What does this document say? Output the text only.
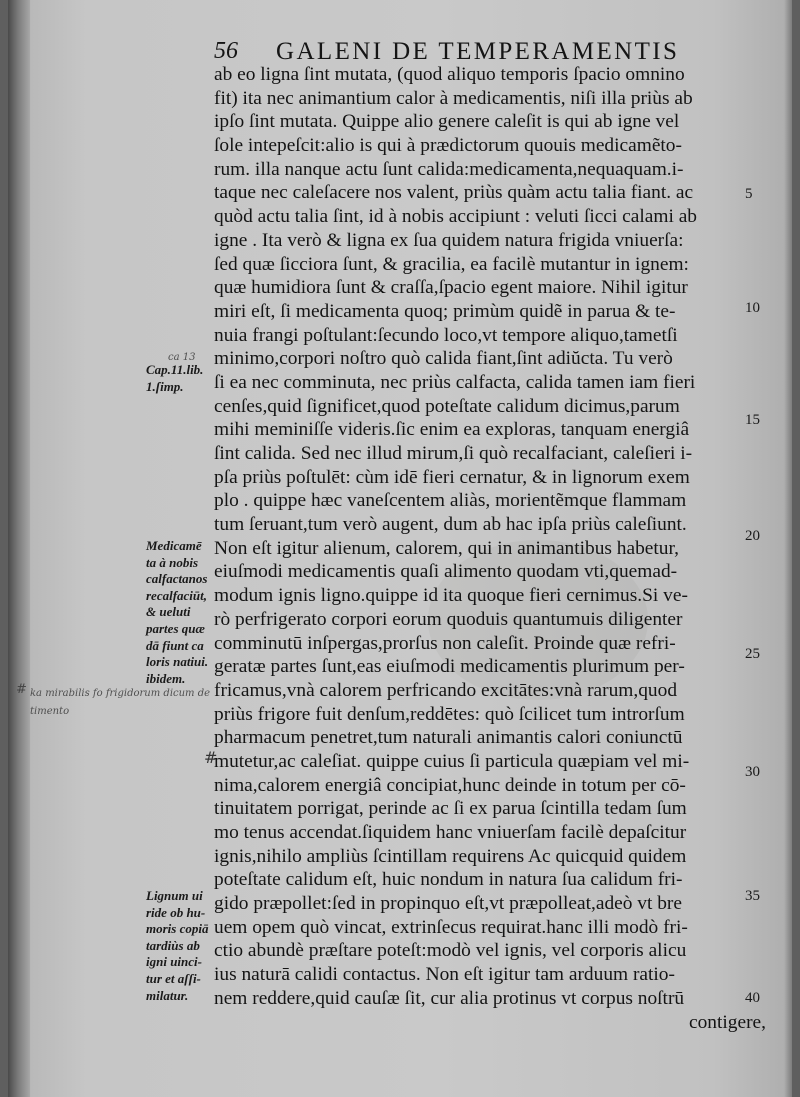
56 GALENI DE TEMPERAMENTIS
ab eo ligna ſint mutata, (quod aliquo temporis ſpacio omnino
fit) ita nec animantium calor à medicamentis, niſi illa priùs ab
ipſo ſint mutata. Quippe alio genere caleſit is qui ab igne vel
ſole intepeſcit:alio is qui à prædictorum quouis medicamẽto-
rum. illa nanque actu ſunt calida:medicamenta,nequaquam.i-
taque nec caleſacere nos valent, priùs quàm actu talia fiant. ac
quòd actu talia ſint, id à nobis accipiunt : veluti ſicci calami ab
igne . Ita verò & ligna ex ſua quidem natura frigida vniuerſa:
ſed quæ ſicciora ſunt, & gracilia, ea facilè mutantur in ignem:
quæ humidiora ſunt & craſſa,ſpacio egent maiore. Nihil igitur
miri eſt, ſi medicamenta quoq; primùm quidẽ in parua & te-
nuia frangi poſtulant:ſecundo loco,vt tempore aliquo,tametſi
minimo,corpori noſtro quò calida fiant,ſint adiŭcta. Tu verò
ſi ea nec comminuta, nec priùs calfacta, calida tamen iam fieri
cenſes,quid ſignificet,quod poteſtate calidum dicimus,parum
mihi meminiſſe videris.ſic enim ea exploras, tanquam energiâ
ſint calida. Sed nec illud mirum,ſi quò recalfaciant, caleſieri i-
pſa priùs poſtulēt: cùm idē fieri cernatur, & in lignorum exem
plo . quippe hæc vaneſcentem aliàs, morientẽmque flammam
tum ſeruant,tum verò augent, dum ab hac ipſa priùs caleſiunt.
Non eſt igitur alienum, calorem, qui in animantibus habetur,
eiuſmodi medicamentis quaſi alimento quodam vti,quemad-
modum ignis ligno.quippe id ita quoque fieri cernimus.Si ve-
rò perfrigerato corpori eorum quoduis quantumuis diligenter
comminutū inſpergas,prorſus non caleſit. Proinde quæ refri-
geratæ partes ſunt,eas eiuſmodi medicamentis plurimum per-
fricamus,vnà calorem perfricando excitātes:vnà rarum,quod
priùs frigore fuit denſum,reddētes: quò ſcilicet tum introrſum
pharmacum penetret,tum naturali animantis calori coniunctū
mutetur,ac caleſiat. quippe cuius ſi particula quæpiam vel mi-
nima,calorem energiâ concipiat,hunc deinde in totum per cō-
tinuitatem porrigat, perinde ac ſi ex parua ſcintilla tedam ſum
mo tenus accendat.ſiquidem hanc vniuerſam facilè depaſcitur
ignis,nihilo ampliùs ſcintillam requirens Ac quicquid quidem
poteſtate calidum eſt, huic nondum in natura ſua calidum fri-
gido præpollet:ſed in propinquo eſt,vt præpolleat,adeò vt bre
uem opem quò vincat, extrinſecus requirat.hanc illi modò fri-
ctio abundè præſtare poteſt:modò vel ignis, vel corporis alicu
ius naturā calidi contactus. Non eſt igitur tam arduum ratio-
nem reddere,quid cauſæ ſit, cur alia protinus vt corpus noſtrū
contigere,
Cap.11.lib.
1.ſimp.
Medicamē
ta à nobis
calfactanos
recalfaciūt,
& ueluti
partes quæ
dā fiunt ca
loris natiui.
ibidem.
Lignum ui
ride ob hu-
moris copiā
tardiùs ab
igni uinci-
tur et aſſi-
milatur.
5
10
15
20
25
30
35
40
ca 13
# ka mirabilis fo frigidorum dicum de
timento
#
